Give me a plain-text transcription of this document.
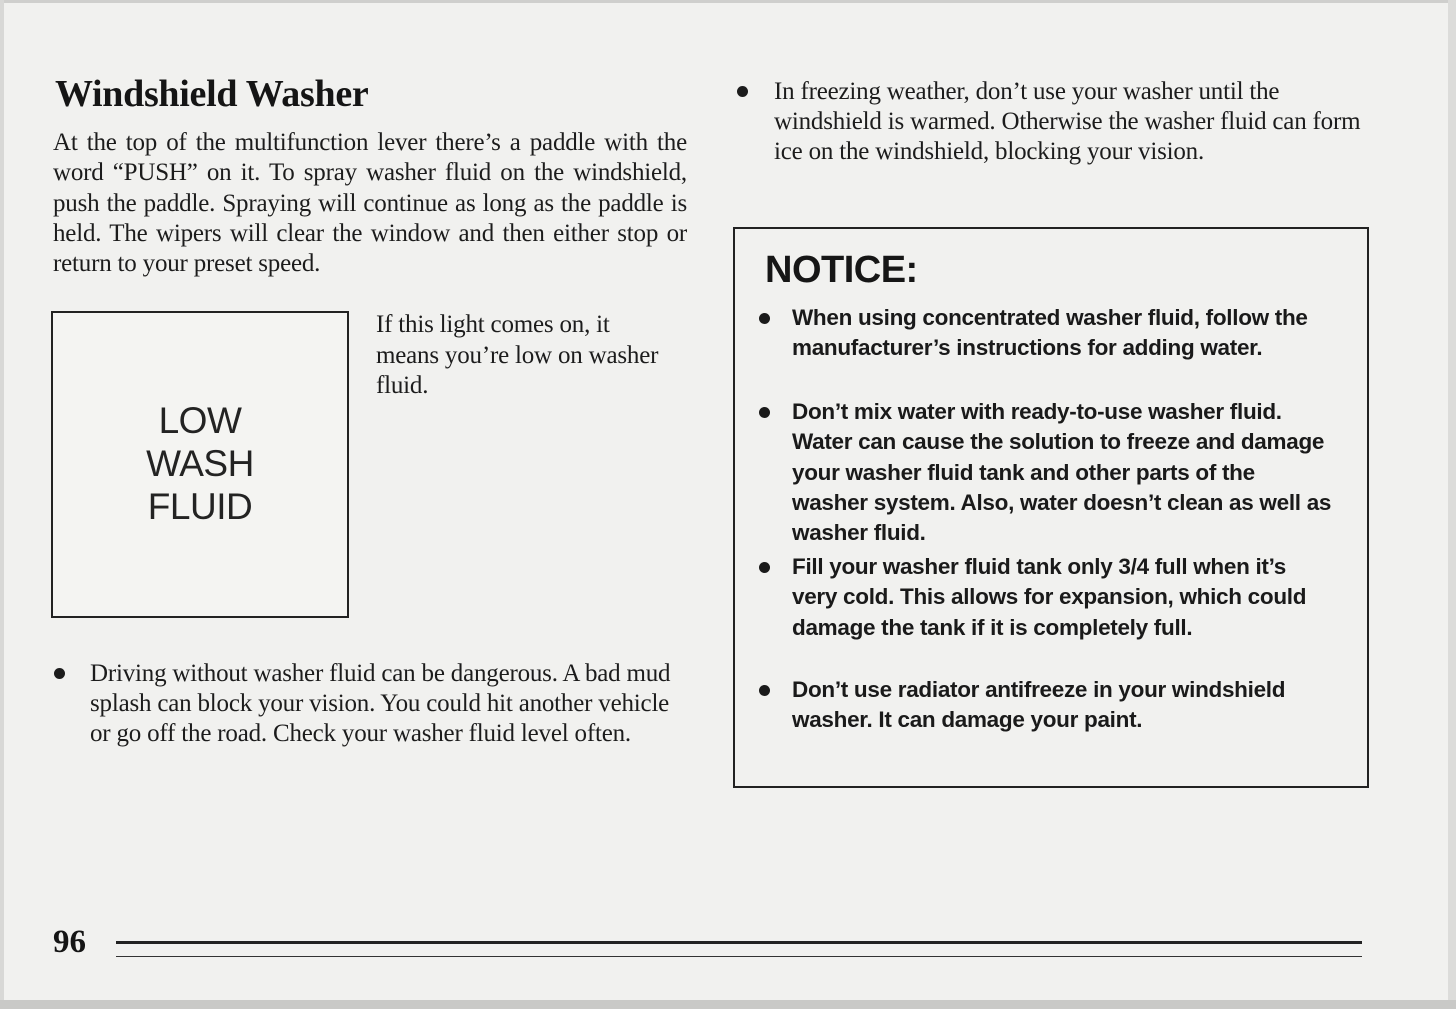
Windshield Washer

At the top of the multifunction lever there’s a paddle with the word “PUSH” on it. To spray washer fluid on the windshield, push the paddle. Spraying will continue as long as the paddle is held. The wipers will clear the window and then either stop or return to your preset speed.

LOW
WASH
FLUID

If this light comes on, it means you’re low on washer fluid.

Driving without washer fluid can be dangerous. A bad mud splash can block your vision. You could hit another vehicle or go off the road. Check your washer fluid level often.

In freezing weather, don’t use your washer until the windshield is warmed. Otherwise the washer fluid can form ice on the windshield, blocking your vision.

NOTICE:

When using concentrated washer fluid, follow the manufacturer’s instructions for adding water.

Don’t mix water with ready-to-use washer fluid. Water can cause the solution to freeze and damage your washer fluid tank and other parts of the washer system. Also, water doesn’t clean as well as washer fluid.

Fill your washer fluid tank only 3/4 full when it’s very cold. This allows for expansion, which could damage the tank if it is completely full.

Don’t use radiator antifreeze in your windshield washer. It can damage your paint.

96
